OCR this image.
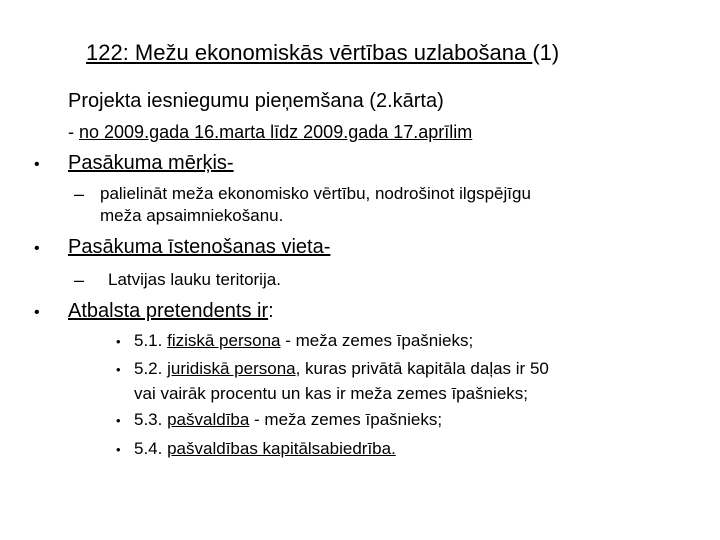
122: Mežu ekonomiskās vērtības uzlabošana (1)
Projekta iesniegumu pieņemšana (2.kārta)
- no 2009.gada 16.marta līdz 2009.gada 17.aprīlim
• Pasākuma mērķis-
– palielināt meža ekonomisko vērtību, nodrošinot ilgspējīgu
meža apsaimniekošanu.
• Pasākuma īstenošanas vieta-
– Latvijas lauku teritorija.
• Atbalsta pretendents ir:
• 5.1. fiziskā persona - meža zemes īpašnieks;
• 5.2. juridiskā persona, kuras privātā kapitāla daļas ir 50
vai vairāk procentu un kas ir meža zemes īpašnieks;
• 5.3. pašvaldība - meža zemes īpašnieks;
• 5.4. pašvaldības kapitālsabiedrība.
